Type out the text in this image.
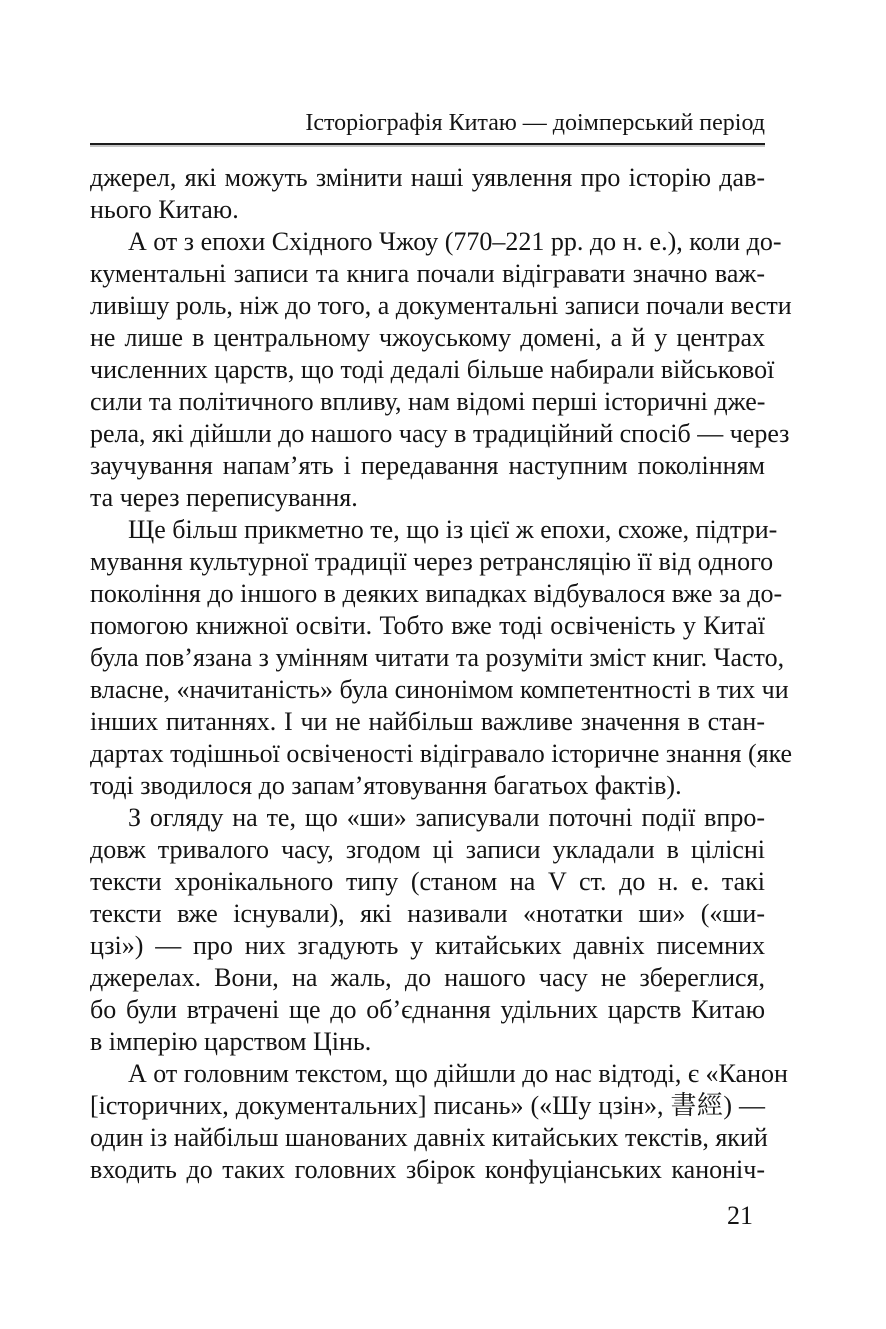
Історіографія Китаю — доімперський період
джерел, які можуть змінити наші уявлення про історію дав-
нього Китаю.
А от з епохи Східного Чжоу (770–221 рр. до н. е.), коли до-
кументальні записи та книга почали відігравати значно важ-
ливішу роль, ніж до того, а документальні записи почали вести
не лише в центральному чжоуському домені, а й у центрах
численних царств, що тоді дедалі більше набирали військової
сили та політичного впливу, нам відомі перші історичні дже-
рела, які дійшли до нашого часу в традиційний спосіб — через
заучування напам’ять і передавання наступним поколінням
та через переписування.
Ще більш прикметно те, що із цієї ж епохи, схоже, підтри-
мування культурної традиції через ретрансляцію її від одного
покоління до іншого в деяких випадках відбувалося вже за до-
помогою книжної освіти. Тобто вже тоді освіченість у Китаї
була пов’язана з умінням читати та розуміти зміст книг. Часто,
власне, «начитаність» була синонімом компетентності в тих чи
інших питаннях. І чи не найбільш важливе значення в стан-
дартах тодішньої освіченості відігравало історичне знання (яке
тоді зводилося до запам’ятовування багатьох фактів).
З огляду на те, що «ши» записували поточні події впро-
довж тривалого часу, згодом ці записи укладали в цілісні
тексти хронікального типу (станом на V ст. до н. е. такі
тексти вже існували), які називали «нотатки ши» («ши-
цзі») — про них згадують у китайських давніх писемних
джерелах. Вони, на жаль, до нашого часу не збереглися,
бо були втрачені ще до об’єднання удільних царств Китаю
в імперію царством Цінь.
А от головним текстом, що дійшли до нас відтоді, є «Канон
[історичних, документальних] писань» («Шу цзін», 書經) —
один із найбільш шанованих давніх китайських текстів, який
входить до таких головних збірок конфуціанських каноніч-
21
